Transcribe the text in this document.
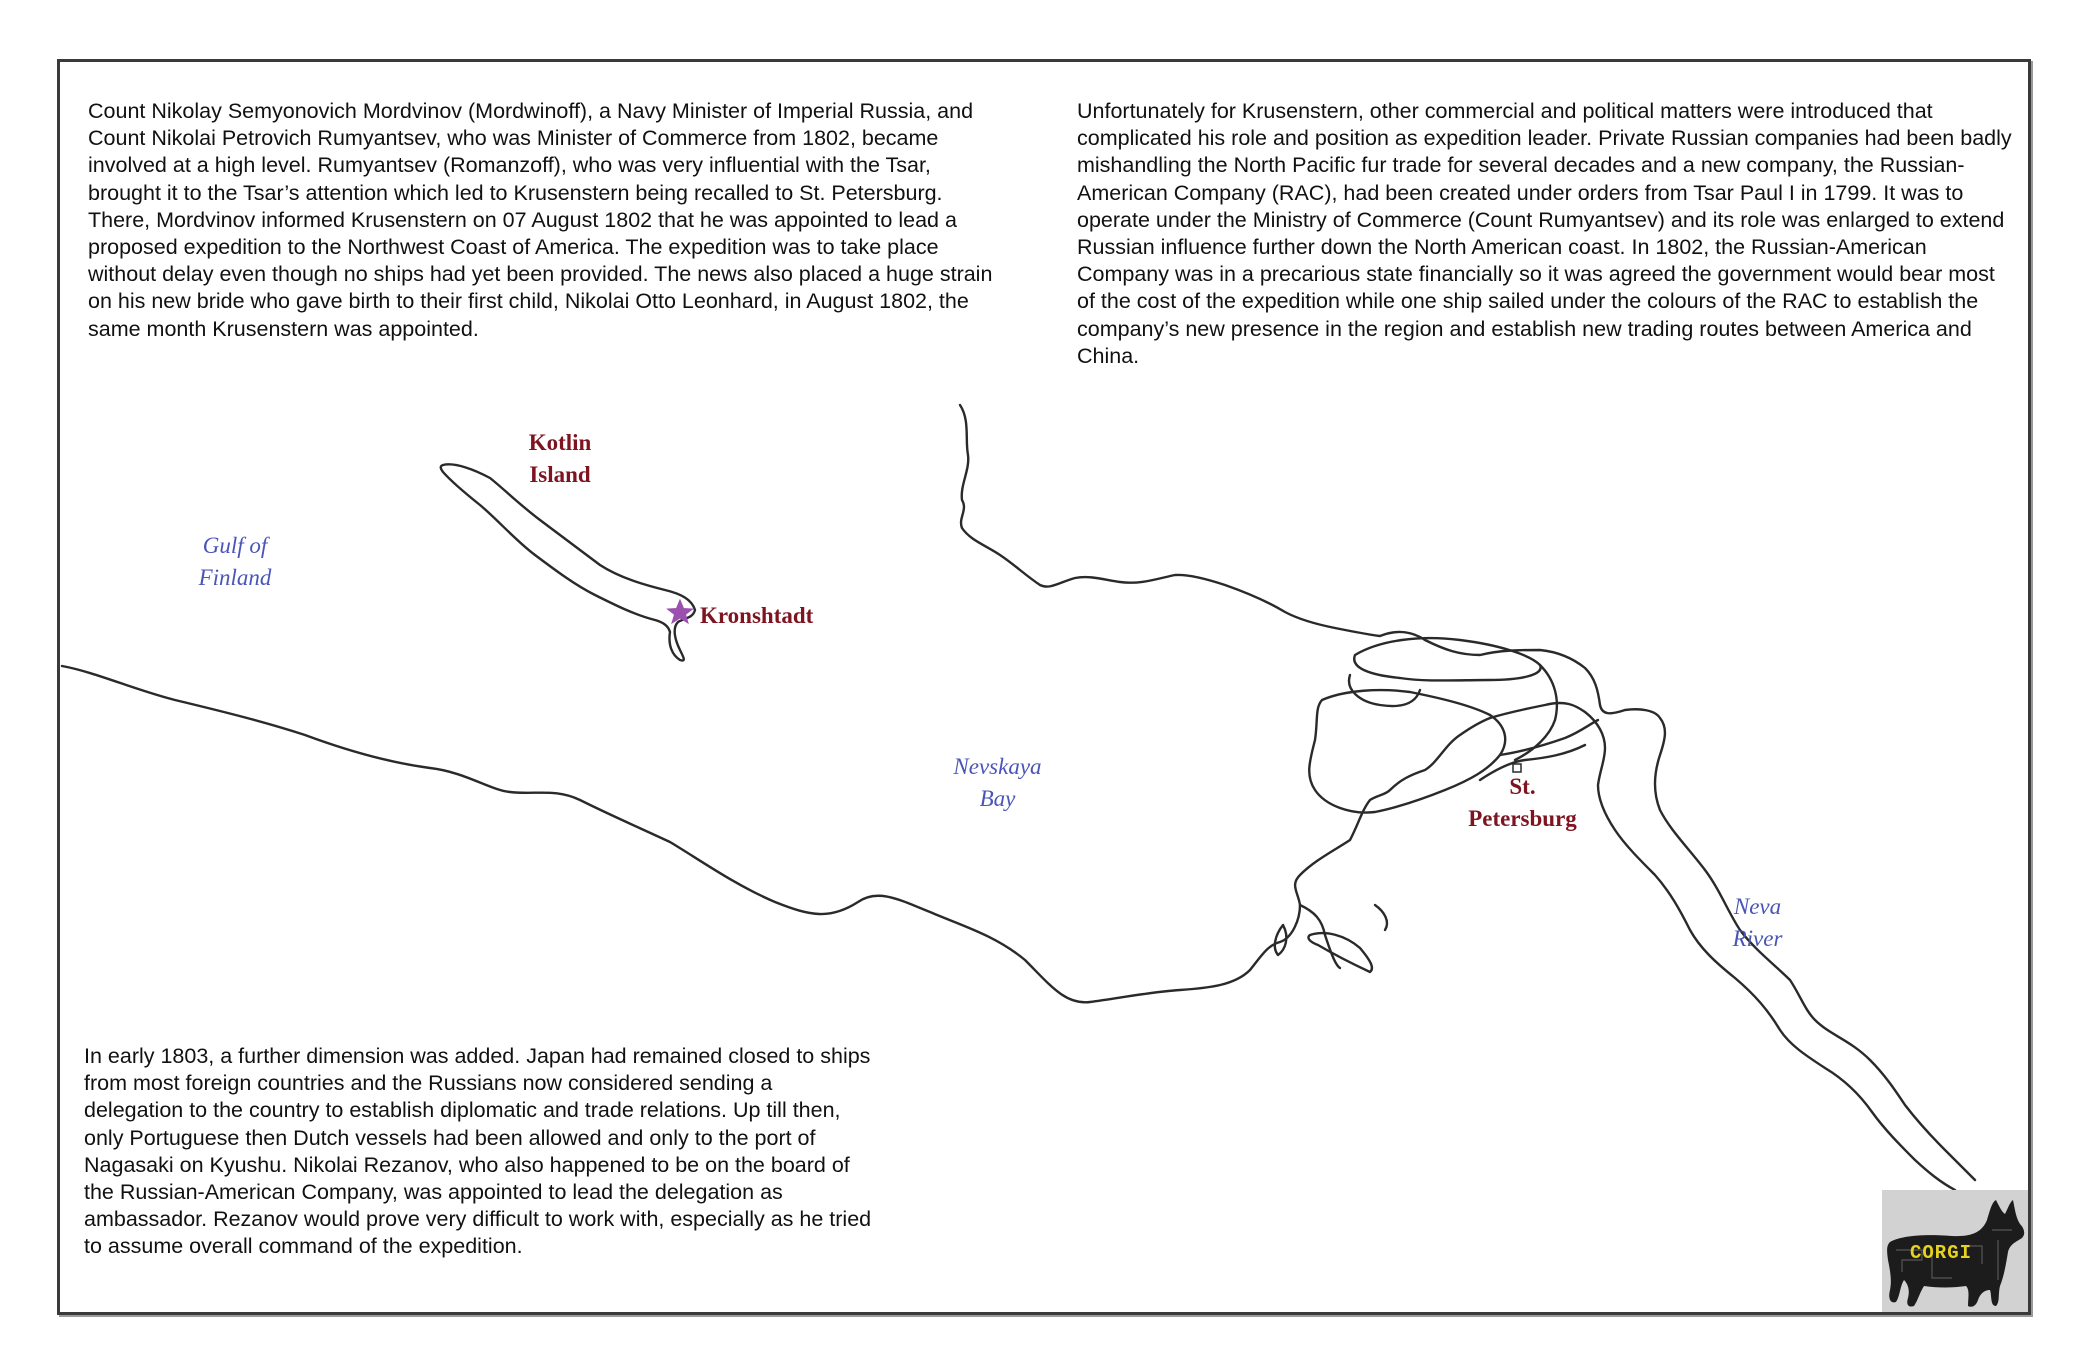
Count Nikolay Semyonovich Mordvinov (Mordwinoff), a Navy Minister of Imperial Russia, and Count Nikolai Petrovich Rumyantsev, who was Minister of Commerce from 1802, became involved at a high level. Rumyantsev (Romanzoff), who was very influential with the Tsar, brought it to the Tsar’s attention which led to Krusenstern being recalled to St. Petersburg. There, Mordvinov informed Krusenstern on 07 August 1802 that he was appointed to lead a proposed expedition to the Northwest Coast of America. The expedition was to take place without delay even though no ships had yet been provided. The news also placed a huge strain on his new bride who gave birth to their first child, Nikolai Otto Leonhard, in August 1802, the same month Krusenstern was appointed.

Unfortunately for Krusenstern, other commercial and political matters were introduced that complicated his role and position as expedition leader. Private Russian companies had been badly mishandling the North Pacific fur trade for several decades and a new company, the Russian-American Company (RAC), had been created under orders from Tsar Paul I in 1799. It was to operate under the Ministry of Commerce (Count Rumyantsev) and its role was enlarged to extend Russian influence further down the North American coast. In 1802, the Russian-American Company was in a precarious state financially so it was agreed the government would bear most of the cost of the expedition while one ship sailed under the colours of the RAC to establish the company’s new presence in the region and establish new trading routes between America and China.

In early 1803, a further dimension was added. Japan had remained closed to ships from most foreign countries and the Russians now considered sending a delegation to the country to establish diplomatic and trade relations. Up till then, only Portuguese then Dutch vessels had been allowed and only to the port of Nagasaki on Kyushu. Nikolai Rezanov, who also happened to be on the board of the Russian-American Company, was appointed to lead the delegation as ambassador. Rezanov would prove very difficult to work with, especially as he tried to assume overall command of the expedition.

Kotlin
Island
Kronshtadt
Gulf of
Finland
Nevskaya
Bay	St.
Petersburg
Neva
River
CORGI
